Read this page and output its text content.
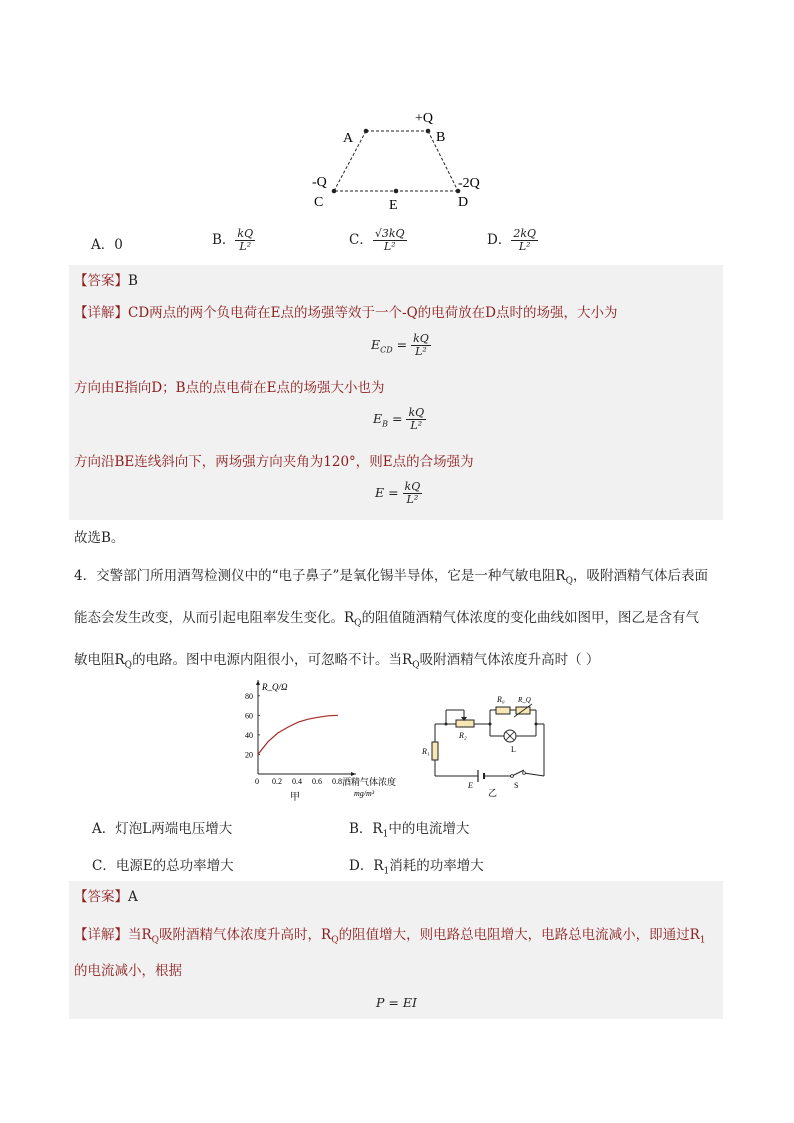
A	B
+Q
-Q
C	E
-2Q
D
A．0	B． $\frac{kQ}{\text{L²}}$	C． $\frac{√3kQ}{\text{L²}}$	D． $\frac{2kQ}{\text{L²}}$
【答案】B
【详解】CD两点的两个负电荷在E点的场强等效于一个-Q的电荷放在D点时的场强，大小为
$E_{CD} = \frac{kQ}{\text{L²}}$
方向由E指向D；B点的点电荷在E点的场强大小也为
$E_B = \frac{kQ}{\text{L²}}$
方向沿BE连线斜向下，两场强方向夹角为120°，则E点的合场强为
$E = \frac{kQ}{\text{L²}}$
故选B。
4．交警部门所用酒驾检测仪中的“电子鼻子”是氧化锡半导体，它是一种气敏电阻$R_Q$，吸附酒精气体后表面
能态会发生改变，从而引起电阻率发生变化。$R_Q$的阻值随酒精气体浓度的变化曲线如图甲，图乙是含有气
敏电阻$R_Q$的电路。图中电源内阻很小，可忽略不计。当$R_Q$吸附酒精气体浓度升高时（ ）
0 0.2 0.4 0.6 0.8
20
40
60
80
R_Q/Ω
酒精气体浓度
mg/m³
甲
R₀ R_Q
R₂
R₁	L
E	S
乙
A．灯泡L两端电压增大	B．$R_1$中的电流增大
C．电源E的总功率增大	D．$R_1$消耗的功率增大
【答案】A
【详解】当$R_Q$吸附酒精气体浓度升高时，$R_Q$的阻值增大，则电路总电阻增大，电路总电流减小，即通过$R_1$
的电流减小，根据
P = EI
